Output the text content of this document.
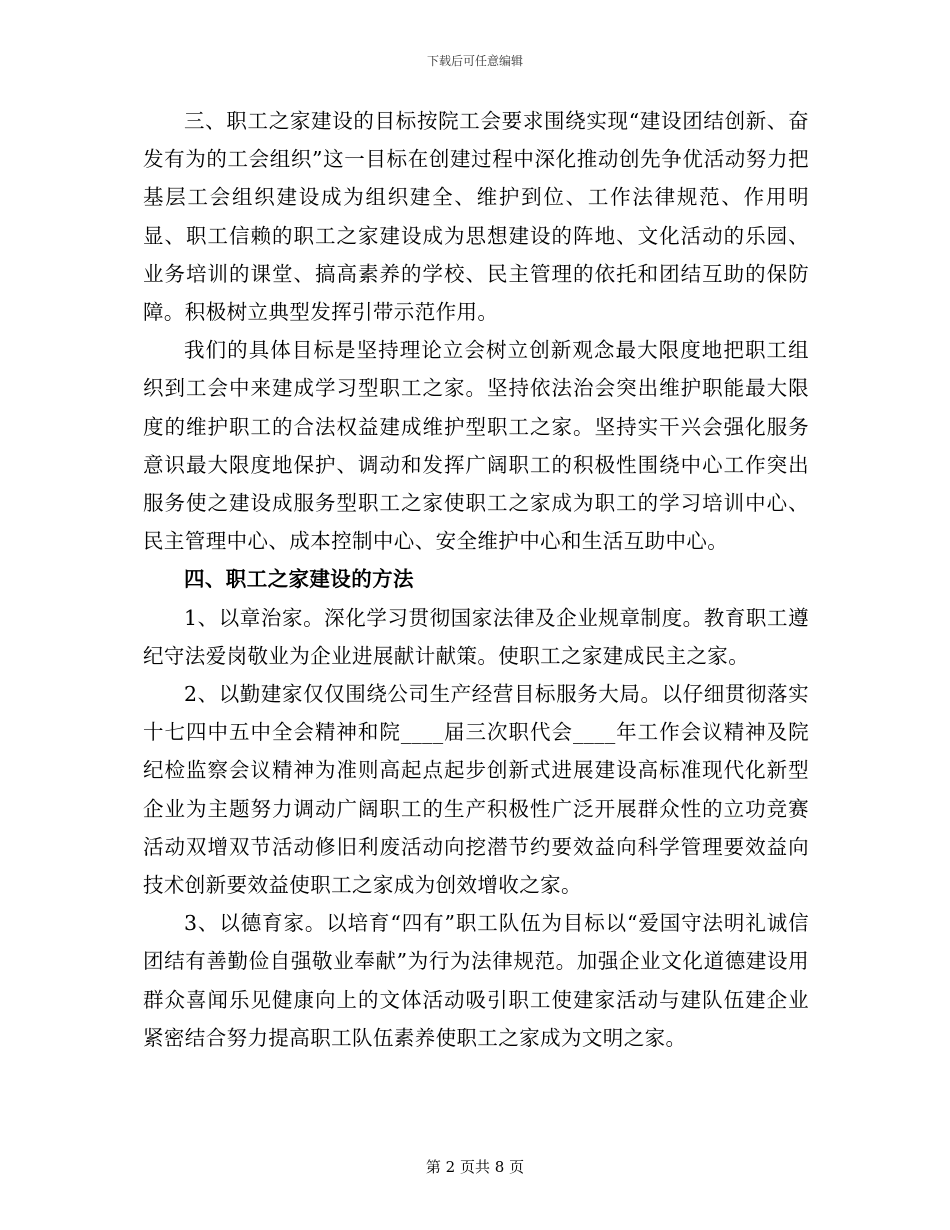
下载后可任意编辑

三、职工之家建设的目标按院工会要求围绕实现“建设团结创新、奋发有为的工会组织”这一目标在创建过程中深化推动创先争优活动努力把基层工会组织建设成为组织建全、维护到位、工作法律规范、作用明显、职工信赖的职工之家建设成为思想建设的阵地、文化活动的乐园、业务培训的课堂、搞高素养的学校、民主管理的依托和团结互助的保防障。积极树立典型发挥引带示范作用。

我们的具体目标是坚持理论立会树立创新观念最大限度地把职工组织到工会中来建成学习型职工之家。坚持依法治会突出维护职能最大限度的维护职工的合法权益建成维护型职工之家。坚持实干兴会强化服务意识最大限度地保护、调动和发挥广阔职工的积极性围绕中心工作突出服务使之建设成服务型职工之家使职工之家成为职工的学习培训中心、民主管理中心、成本控制中心、安全维护中心和生活互助中心。

四、职工之家建设的方法

1、以章治家。深化学习贯彻国家法律及企业规章制度。教育职工遵纪守法爱岗敬业为企业进展献计献策。使职工之家建成民主之家。

2、以勤建家仅仅围绕公司生产经营目标服务大局。以仔细贯彻落实十七四中五中全会精神和院____届三次职代会____年工作会议精神及院纪检监察会议精神为准则高起点起步创新式进展建设高标准现代化新型企业为主题努力调动广阔职工的生产积极性广泛开展群众性的立功竞赛活动双增双节活动修旧利废活动向挖潜节约要效益向科学管理要效益向技术创新要效益使职工之家成为创效增收之家。

3、以德育家。以培育“四有”职工队伍为目标以“爱国守法明礼诚信团结有善勤俭自强敬业奉献”为行为法律规范。加强企业文化道德建设用群众喜闻乐见健康向上的文体活动吸引职工使建家活动与建队伍建企业紧密结合努力提高职工队伍素养使职工之家成为文明之家。

第 2 页共 8 页
